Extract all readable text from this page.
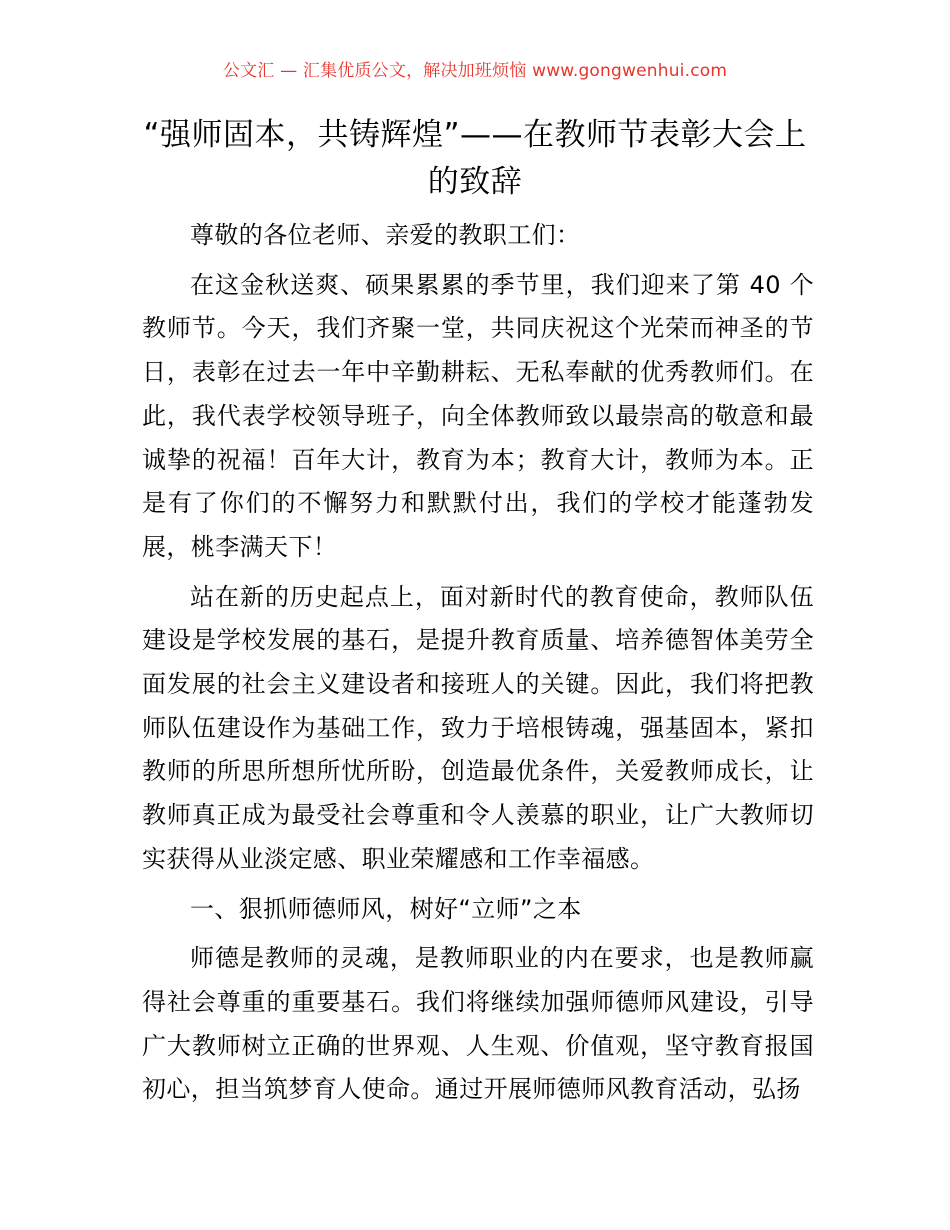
公文汇 — 汇集优质公文，解决加班烦恼 www.gongwenhui.com
“强师固本，共铸辉煌”——在教师节表彰大会上的致辞

尊敬的各位老师、亲爱的教职工们：

在这金秋送爽、硕果累累的季节里，我们迎来了第 40 个教师节。今天，我们齐聚一堂，共同庆祝这个光荣而神圣的节日，表彰在过去一年中辛勤耕耘、无私奉献的优秀教师们。在此，我代表学校领导班子，向全体教师致以最崇高的敬意和最诚挚的祝福！百年大计，教育为本；教育大计，教师为本。正是有了你们的不懈努力和默默付出，我们的学校才能蓬勃发展，桃李满天下！

站在新的历史起点上，面对新时代的教育使命，教师队伍建设是学校发展的基石，是提升教育质量、培养德智体美劳全面发展的社会主义建设者和接班人的关键。因此，我们将把教师队伍建设作为基础工作，致力于培根铸魂，强基固本，紧扣教师的所思所想所忧所盼，创造最优条件，关爱教师成长，让教师真正成为最受社会尊重和令人羡慕的职业，让广大教师切实获得从业淡定感、职业荣耀感和工作幸福感。

一、狠抓师德师风，树好“立师”之本

师德是教师的灵魂，是教师职业的内在要求，也是教师赢得社会尊重的重要基石。我们将继续加强师德师风建设，引导广大教师树立正确的世界观、人生观、价值观，坚守教育报国初心，担当筑梦育人使命。通过开展师德师风教育活动，弘扬
